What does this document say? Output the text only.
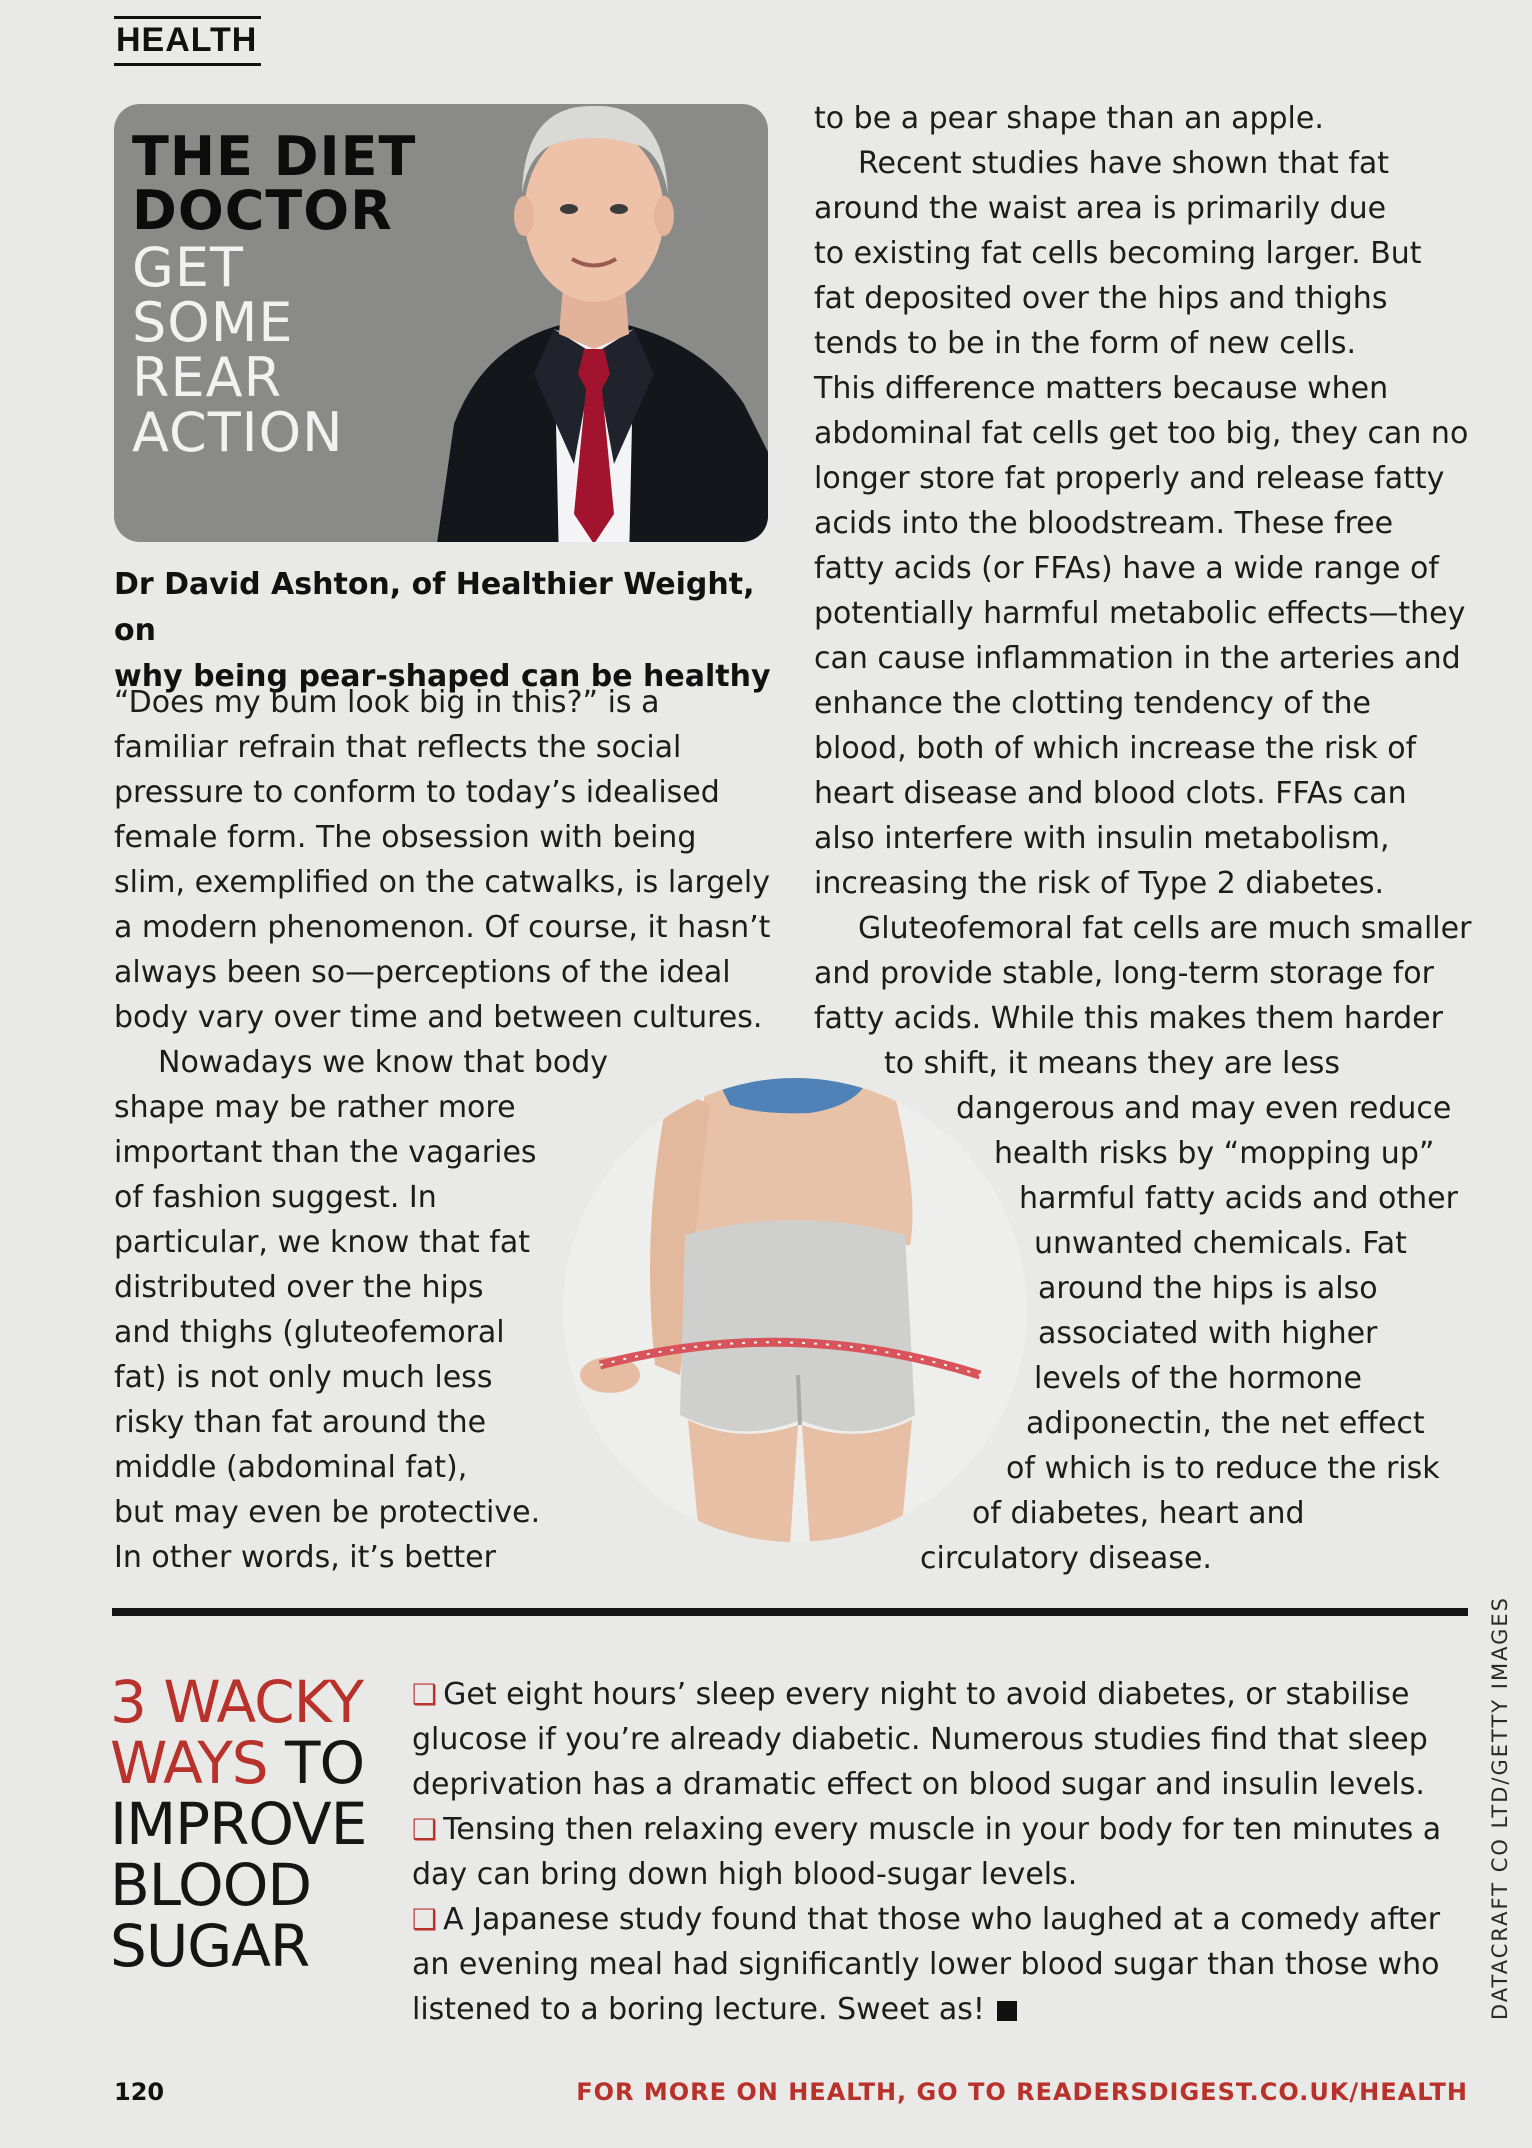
HEALTH
THE DIET
DOCTOR
GET
SOME
REAR
ACTION

Dr David Ashton, of Healthier Weight, on
why being pear-shaped can be healthy

“Does my bum look big in this?” is a
familiar refrain that reflects the social
pressure to conform to today’s idealised
female form. The obsession with being
slim, exemplified on the catwalks, is largely
a modern phenomenon. Of course, it hasn’t
always been so—perceptions of the ideal
body vary over time and between cultures.
Nowadays we know that body
shape may be rather more
important than the vagaries
of fashion suggest. In
particular, we know that fat
distributed over the hips
and thighs (gluteofemoral
fat) is not only much less
risky than fat around the
middle (abdominal fat),
but may even be protective.
In other words, it’s better
to be a pear shape than an apple.
Recent studies have shown that fat
around the waist area is primarily due
to existing fat cells becoming larger. But
fat deposited over the hips and thighs
tends to be in the form of new cells.
This difference matters because when
abdominal fat cells get too big, they can no
longer store fat properly and release fatty
acids into the bloodstream. These free
fatty acids (or FFAs) have a wide range of
potentially harmful metabolic effects—they
can cause inflammation in the arteries and
enhance the clotting tendency of the
blood, both of which increase the risk of
heart disease and blood clots. FFAs can
also interfere with insulin metabolism,
increasing the risk of Type 2 diabetes.
Gluteofemoral fat cells are much smaller
and provide stable, long-term storage for
fatty acids. While this makes them harder
to shift, it means they are less
dangerous and may even reduce
health risks by “mopping up”
harmful fatty acids and other
unwanted chemicals. Fat
around the hips is also
associated with higher
levels of the hormone
adiponectin, the net effect
of which is to reduce the risk
of diabetes, heart and
circulatory disease.
3 WACKY
WAYS TO
IMPROVE
BLOOD
SUGAR
❑ Get eight hours’ sleep every night to avoid diabetes, or stabilise
glucose if you’re already diabetic. Numerous studies find that sleep
deprivation has a dramatic effect on blood sugar and insulin levels.
❑ Tensing then relaxing every muscle in your body for ten minutes a
day can bring down high blood-sugar levels.
❑ A Japanese study found that those who laughed at a comedy after
an evening meal had significantly lower blood sugar than those who
listened to a boring lecture. Sweet as!	DATACRAFT CO LTD/GETTY IMAGES
120	FOR MORE ON HEALTH, GO TO READERSDIGEST.CO.UK/HEALTH
